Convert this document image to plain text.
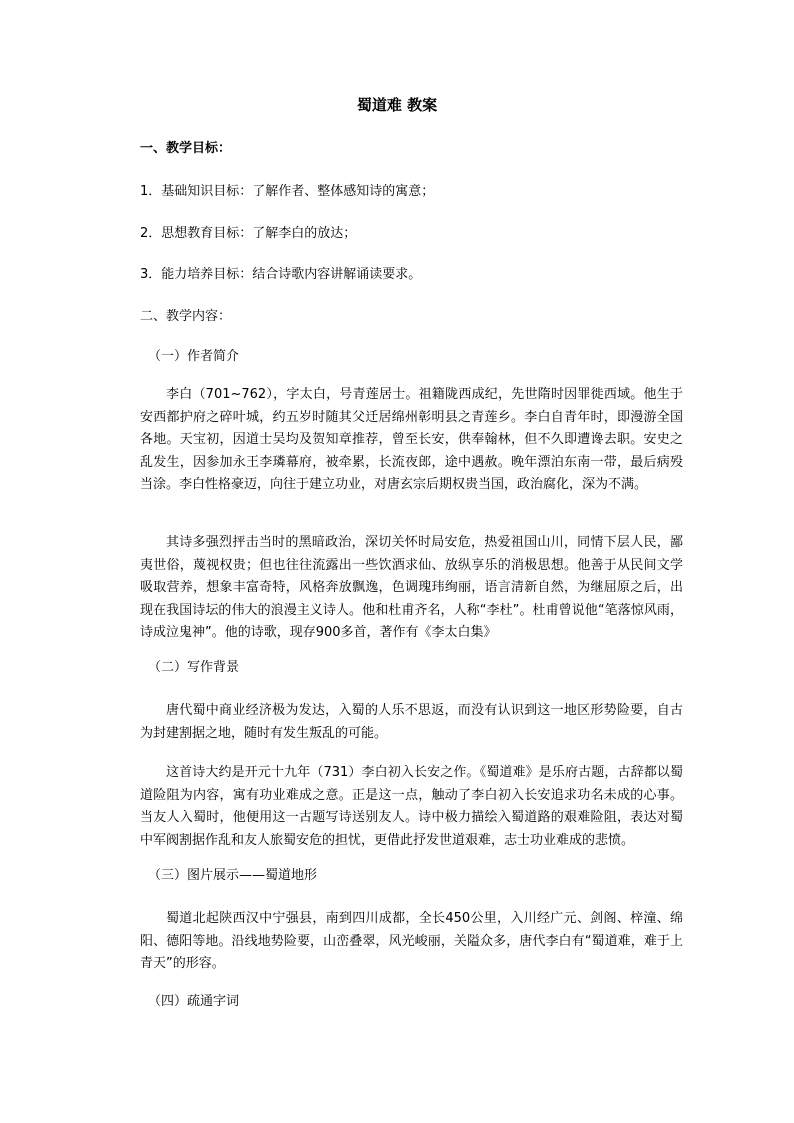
蜀道难 教案
一、教学目标：
1．基础知识目标：了解作者、整体感知诗的寓意；
2．思想教育目标：了解李白的放达；
3．能力培养目标：结合诗歌内容讲解诵读要求。
二、教学内容：
（一）作者简介

李白（701~762），字太白，号青莲居士。祖籍陇西成纪，先世隋时因罪徙西域。他生于安西都护府之碎叶城，约五岁时随其父迁居绵州彰明县之青莲乡。李白自青年时，即漫游全国各地。天宝初，因道士吴均及贺知章推荐，曾至长安，供奉翰林，但不久即遭谗去职。安史之乱发生，因参加永王李璘幕府，被牵累，长流夜郎，途中遇赦。晚年漂泊东南一带，最后病殁当涂。李白性格豪迈，向往于建立功业，对唐玄宗后期权贵当国，政治腐化，深为不满。

其诗多强烈抨击当时的黑暗政治，深切关怀时局安危，热爱祖国山川，同情下层人民，鄙夷世俗，蔑视权贵；但也往往流露出一些饮酒求仙、放纵享乐的消极思想。他善于从民间文学吸取营养，想象丰富奇特，风格奔放飘逸，色调瑰玮绚丽，语言清新自然，为继屈原之后，出现在我国诗坛的伟大的浪漫主义诗人。他和杜甫齐名，人称“李杜”。杜甫曾说他“笔落惊风雨，诗成泣鬼神”。他的诗歌，现存900多首，著作有《李太白集》

（二）写作背景

唐代蜀中商业经济极为发达，入蜀的人乐不思返，而没有认识到这一地区形势险要，自古为封建割据之地，随时有发生叛乱的可能。

这首诗大约是开元十九年（731）李白初入长安之作。《蜀道难》是乐府古题，古辞都以蜀道险阻为内容，寓有功业难成之意。正是这一点，触动了李白初入长安追求功名未成的心事。当友人入蜀时，他便用这一古题写诗送别友人。诗中极力描绘入蜀道路的艰难险阻，表达对蜀中军阀割据作乱和友人旅蜀安危的担忧，更借此抒发世道艰难，志士功业难成的悲愤。

（三）图片展示——蜀道地形

蜀道北起陕西汉中宁强县，南到四川成都，全长450公里，入川经广元、剑阁、梓潼、绵阳、德阳等地。沿线地势险要，山峦叠翠，风光峻丽，关隘众多，唐代李白有“蜀道难，难于上青天”的形容。

（四）疏通字词
